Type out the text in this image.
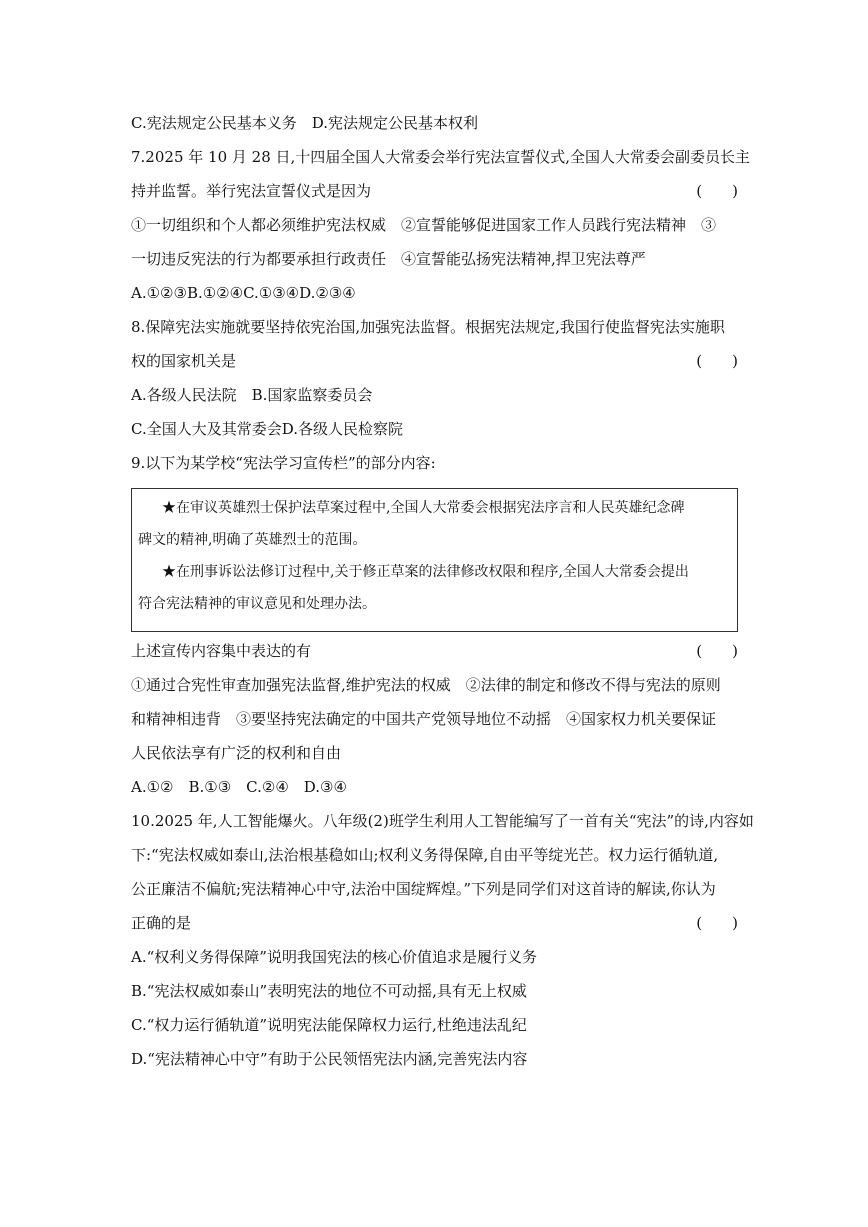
C.宪法规定公民基本义务　D.宪法规定公民基本权利
7.2025 年 10 月 28 日,十四届全国人大常委会举行宪法宣誓仪式,全国人大常委会副委员长主
持并监誓。举行宪法宣誓仪式是因为	(　　)
①一切组织和个人都必须维护宪法权威　②宣誓能够促进国家工作人员践行宪法精神　③
一切违反宪法的行为都要承担行政责任　④宣誓能弘扬宪法精神,捍卫宪法尊严
A.①②③B.①②④C.①③④D.②③④
8.保障宪法实施就要坚持依宪治国,加强宪法监督。根据宪法规定,我国行使监督宪法实施职
权的国家机关是	(　　)
A.各级人民法院　B.国家监察委员会
C.全国人大及其常委会D.各级人民检察院
9.以下为某学校“宪法学习宣传栏”的部分内容:
★在审议英雄烈士保护法草案过程中,全国人大常委会根据宪法序言和人民英雄纪念碑
碑文的精神,明确了英雄烈士的范围。
★在刑事诉讼法修订过程中,关于修正草案的法律修改权限和程序,全国人大常委会提出
符合宪法精神的审议意见和处理办法。
上述宣传内容集中表达的有	(　　)
①通过合宪性审查加强宪法监督,维护宪法的权威　②法律的制定和修改不得与宪法的原则
和精神相违背　③要坚持宪法确定的中国共产党领导地位不动摇　④国家权力机关要保证
人民依法享有广泛的权利和自由
A.①②　B.①③　C.②④　D.③④
10.2025 年,人工智能爆火。八年级(2)班学生利用人工智能编写了一首有关“宪法”的诗,内容如
下:“宪法权威如泰山,法治根基稳如山;权利义务得保障,自由平等绽光芒。权力运行循轨道,
公正廉洁不偏航;宪法精神心中守,法治中国绽辉煌。”下列是同学们对这首诗的解读,你认为
正确的是	(　　)
A.“权利义务得保障”说明我国宪法的核心价值追求是履行义务
B.“宪法权威如泰山”表明宪法的地位不可动摇,具有无上权威
C.“权力运行循轨道”说明宪法能保障权力运行,杜绝违法乱纪
D.“宪法精神心中守”有助于公民领悟宪法内涵,完善宪法内容
